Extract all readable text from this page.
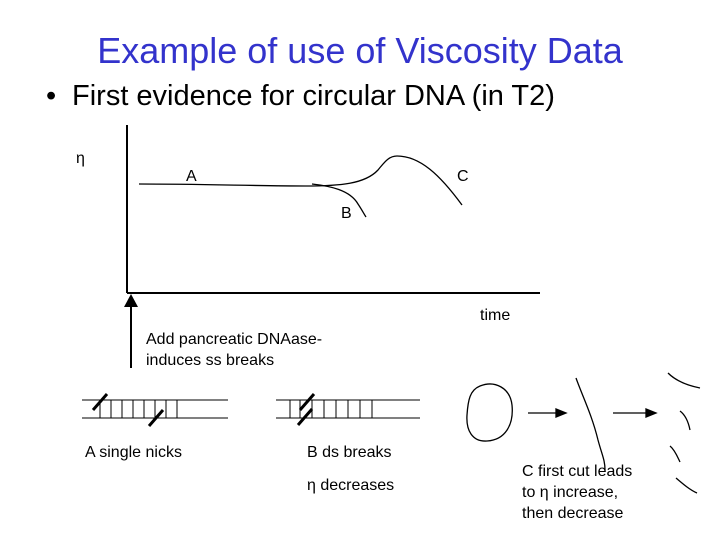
Example of use of Viscosity Data
• First evidence for circular DNA (in T2)
η
A	C
B
time
Add pancreatic DNAase-
induces ss breaks
A single nicks	B ds breaks
η decreases
C first cut leads
to η increase,
then decrease
